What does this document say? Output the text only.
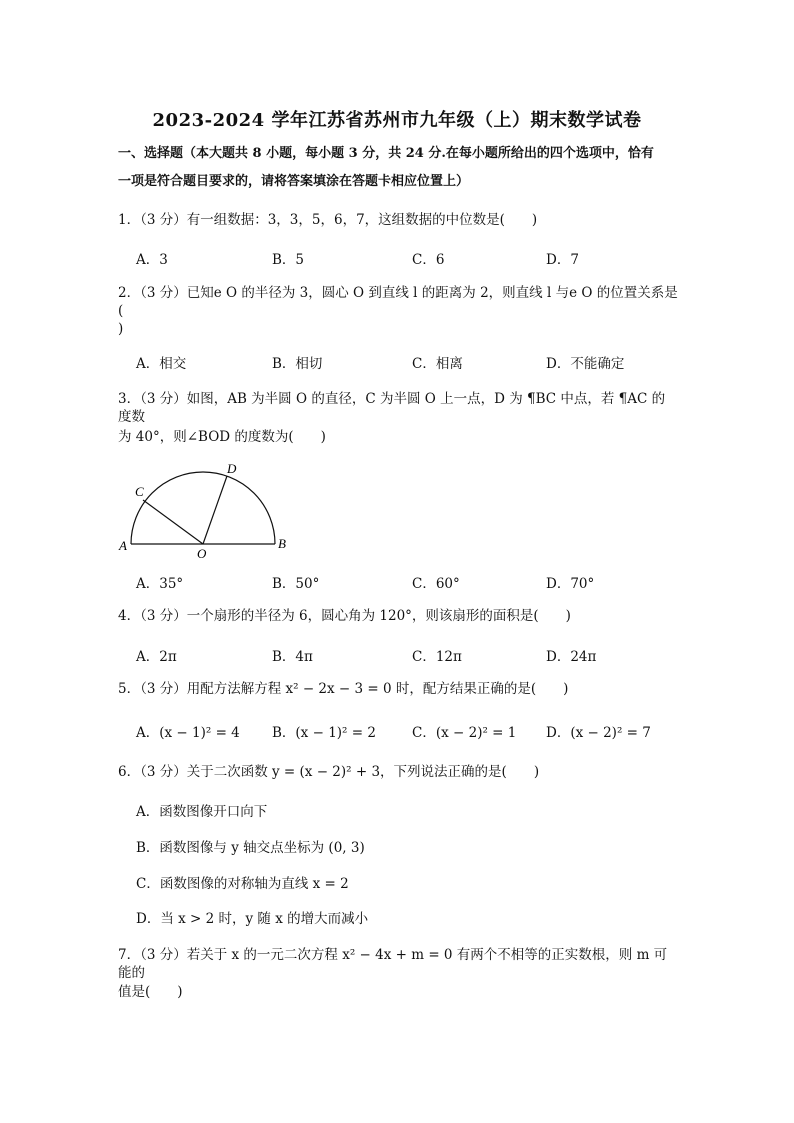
2023-2024 学年江苏省苏州市九年级（上）期末数学试卷
一、选择题（本大题共 8 小题，每小题 3 分，共 24 分.在每小题所给出的四个选项中，恰有
一项是符合题目要求的，请将答案填涂在答题卡相应位置上）
1．（3 分）有一组数据：3，3，5，6，7，这组数据的中位数是(　　)
A．3	B．5	C．6	D．7
2．（3 分）已知e O 的半径为 3，圆心 O 到直线 l 的距离为 2，则直线 l 与e O 的位置关系是(
)
A．相交	B．相切	C．相离	D．不能确定
3．（3 分）如图，AB 为半圆 O 的直径，C 为半圆 O 上一点，D 为 ¶BC 中点，若 ¶AC 的度数
为 40°，则∠BOD 的度数为(　　)
A	B
C
D
O
A．35°	B．50°	C．60°	D．70°
4．（3 分）一个扇形的半径为 6，圆心角为 120°，则该扇形的面积是(　　)
A．2π	B．4π	C．12π	D．24π
5．（3 分）用配方法解方程 x² − 2x − 3 = 0 时，配方结果正确的是(　　)
A．(x − 1)² = 4 B．(x − 1)² = 2	C．(x − 2)² = 1 D．(x − 2)² = 7
6．（3 分）关于二次函数 y = (x − 2)² + 3，下列说法正确的是(　　)
A．函数图像开口向下
B．函数图像与 y 轴交点坐标为 (0, 3)
C．函数图像的对称轴为直线 x = 2
D．当 x > 2 时，y 随 x 的增大而减小
7．（3 分）若关于 x 的一元二次方程 x² − 4x + m = 0 有两个不相等的正实数根，则 m 可能的
值是(　　)
